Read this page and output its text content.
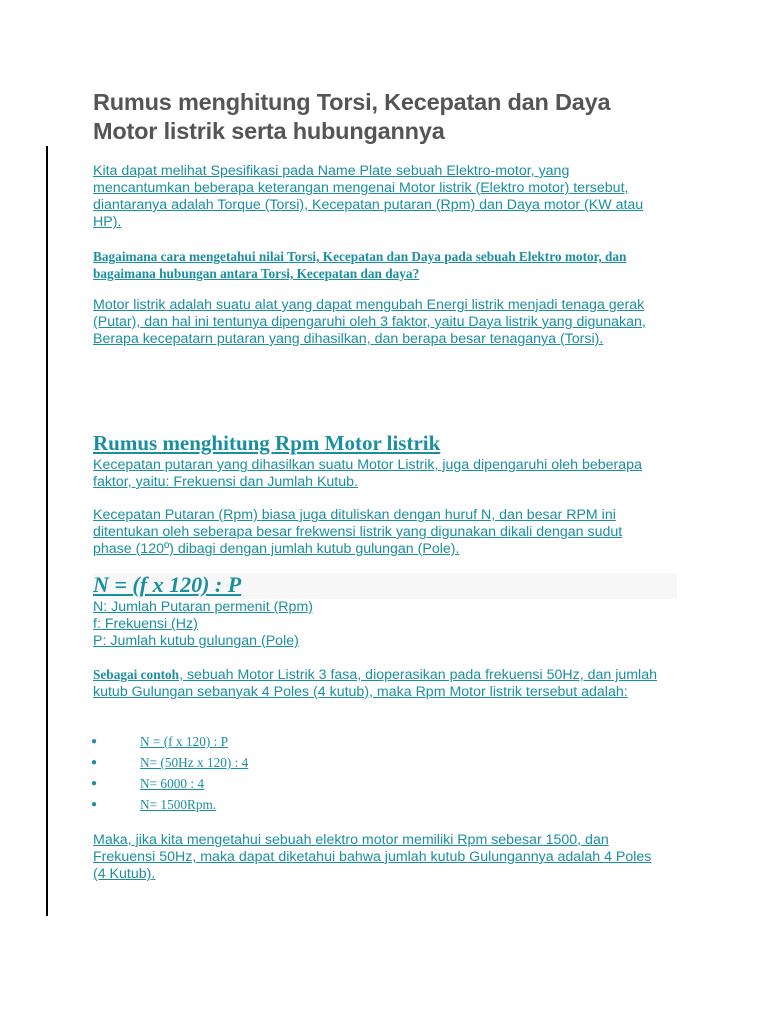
Rumus menghitung Torsi, Kecepatan dan Daya Motor listrik serta hubungannya

Kita dapat melihat Spesifikasi pada Name Plate sebuah Elektro-motor, yang mencantumkan beberapa keterangan mengenai Motor listrik (Elektro motor) tersebut, diantaranya adalah Torque (Torsi), Kecepatan putaran (Rpm) dan Daya motor (KW atau HP).

Bagaimana cara mengetahui nilai Torsi, Kecepatan dan Daya pada sebuah Elektro motor, dan bagaimana hubungan antara Torsi, Kecepatan dan daya?

Motor listrik adalah suatu alat yang dapat mengubah Energi listrik menjadi tenaga gerak (Putar), dan hal ini tentunya dipengaruhi oleh 3 faktor, yaitu Daya listrik yang digunakan, Berapa kecepatarn putaran yang dihasilkan, dan berapa besar tenaganya (Torsi).

Rumus menghitung Rpm Motor listrik

Kecepatan putaran yang dihasilkan suatu Motor Listrik, juga dipengaruhi oleh beberapa faktor, yaitu: Frekuensi dan Jumlah Kutub.

Kecepatan Putaran (Rpm) biasa juga dituliskan dengan huruf N, dan besar RPM ini ditentukan oleh seberapa besar frekwensi listrik yang digunakan dikali dengan sudut phase (120º) dibagi dengan jumlah kutub gulungan (Pole).

N = (f x 120) : P

N: Jumlah Putaran permenit (Rpm)

f: Frekuensi (Hz)

P: Jumlah kutub gulungan (Pole)

Sebagai contoh, sebuah Motor Listrik 3 fasa, dioperasikan pada frekuensi 50Hz, dan jumlah kutub Gulungan sebanyak 4 Poles (4 kutub), maka Rpm Motor listrik tersebut adalah:

●	N = (f x 120) : P
●	N= (50Hz x 120) : 4
●	N= 6000 : 4
●	N= 1500Rpm.

Maka, jika kita mengetahui sebuah elektro motor memiliki Rpm sebesar 1500, dan Frekuensi 50Hz, maka dapat diketahui bahwa jumlah kutub Gulungannya adalah 4 Poles (4 Kutub).
